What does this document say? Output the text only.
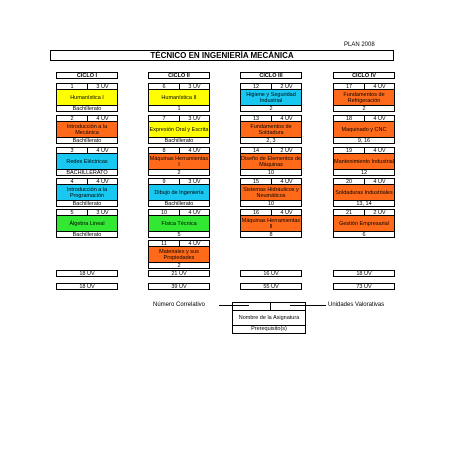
PLAN 2008
TÉCNICO EN INGENIERÍA MECÁNICA
CICLO I	CICLO II	CICLO III	CICLO IV
1	3 UV
Humanística I
Bachillerato
6	3 UV
Humanística II
1
12	2 UV
Higiene y Seguridad Industrial
2
17	4 UV
Fundamentos de Refrigeración
2
2	4 UV
Introducción a la Mecánica
Bachillerato
7	3 UV
Expresión Oral y Escrita
Bachillerato
13	4 UV
Fundamentos de Soldadura
2, 3
18	4 UV
Maquinado y CNC
9, 16
3	4 UV
Redes Eléctricas
BACHILLERATO
8	4 UV
Máquinas Herramientas I
2
14	2 UV
Diseño de Elementos de Máquinas
10
19	4 UV
Mantenimiento Industrial
12
4	4 UV
Introducción a la Programación
Bachillerato
9	3 UV
Dibujo de Ingeniería
Bachillerato
15	4 UV
Sistemas Hidráulicos y Neumáticos
10
20	4 UV
Soldaduras Industriales
13, 14
5	3 UV
Álgebra Lineal
Bachillerato
10	4 UV
Física Técnica
5
16	4 UV
Máquinas Herramientas II
8
21	2 UV
Gestión Empresarial
6
11	4 UV
Materiales y sus Propiedades
2
18 UV	21 UV	16 UV	18 UV
18 UV	39 UV	55 UV	73 UV
Número Correlativo	Unidades Valorativas
Nombre de la Asignatura
Prerequisito(s)
